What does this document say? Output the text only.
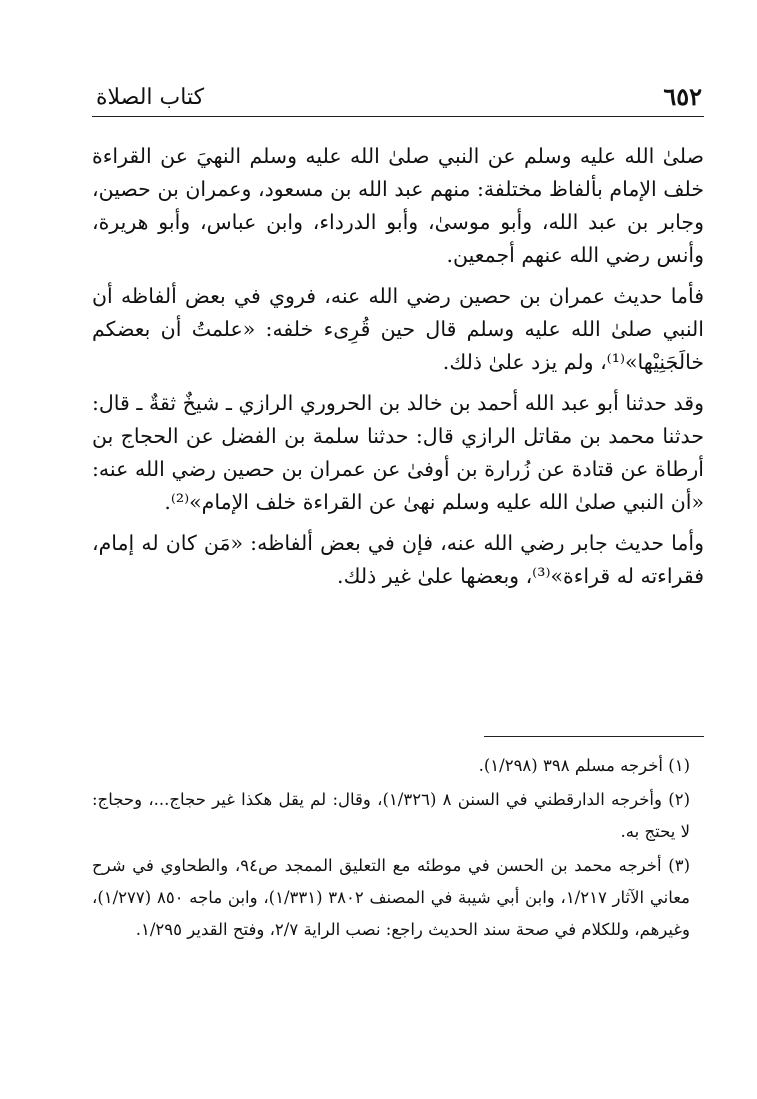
٦٥٢
كتاب الصلاة

صلىٰ الله عليه وسلم عن النبي صلىٰ الله عليه وسلم النهيَ عن القراءة خلف الإمام بألفاظ مختلفة: منهم عبد الله بن مسعود، وعمران بن حصين، وجابر بن عبد الله، وأبو موسىٰ، وأبو الدرداء، وابن عباس، وأبو هريرة، وأنس رضي الله عنهم أجمعين.

فأما حديث عمران بن حصين رضي الله عنه، فروي في بعض ألفاظه أن النبي صلىٰ الله عليه وسلم قال حين قُرِىء خلفه: «علمتُ أن بعضكم خالَجَنِيْها»⁽¹⁾، ولم يزد علىٰ ذلك.

وقد حدثنا أبو عبد الله أحمد بن خالد بن الحروري الرازي ـ شيخٌ ثقةٌ ـ قال: حدثنا محمد بن مقاتل الرازي قال: حدثنا سلمة بن الفضل عن الحجاج بن أرطاة عن قتادة عن زُرارة بن أوفىٰ عن عمران بن حصين رضي الله عنه: «أن النبي صلىٰ الله عليه وسلم نهىٰ عن القراءة خلف الإمام»⁽²⁾.

وأما حديث جابر رضي الله عنه، فإن في بعض ألفاظه: «مَن كان له إمام، فقراءته له قراءة»⁽³⁾، وبعضها علىٰ غير ذلك.

(١) أخرجه مسلم ٣٩٨ (١/٢٩٨).

(٢) وأخرجه الدارقطني في السنن ٨ (١/٣٢٦)، وقال: لم يقل هكذا غير حجاج...، وحجاج: لا يحتج به.

(٣) أخرجه محمد بن الحسن في موطئه مع التعليق الممجد ص٩٤، والطحاوي في شرح معاني الآثار ١/٢١٧، وابن أبي شيبة في المصنف ٣٨٠٢ (١/٣٣١)، وابن ماجه ٨٥٠ (١/٢٧٧)، وغيرهم، وللكلام في صحة سند الحديث راجع: نصب الراية ٢/٧، وفتح القدير ١/٢٩٥.
